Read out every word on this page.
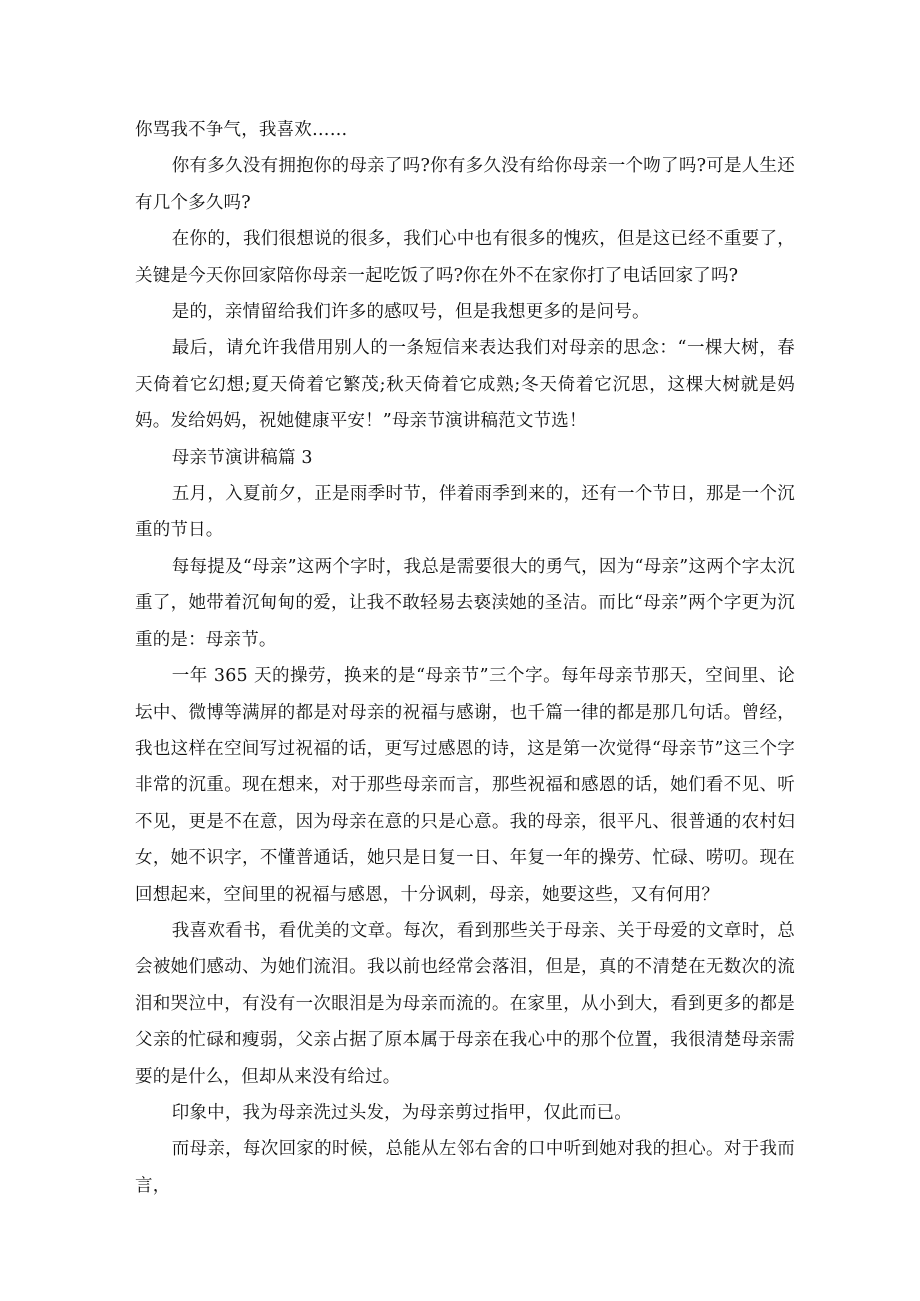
你骂我不争气，我喜欢……

你有多久没有拥抱你的母亲了吗?你有多久没有给你母亲一个吻了吗?可是人生还有几个多久吗?

在你的，我们很想说的很多，我们心中也有很多的愧疚，但是这已经不重要了，关键是今天你回家陪你母亲一起吃饭了吗?你在外不在家你打了电话回家了吗?

是的，亲情留给我们许多的感叹号，但是我想更多的是问号。

最后，请允许我借用别人的一条短信来表达我们对母亲的思念：“一棵大树，春天倚着它幻想;夏天倚着它繁茂;秋天倚着它成熟;冬天倚着它沉思，这棵大树就是妈妈。发给妈妈，祝她健康平安！”母亲节演讲稿范文节选！

母亲节演讲稿篇 3

五月，入夏前夕，正是雨季时节，伴着雨季到来的，还有一个节日，那是一个沉重的节日。

每每提及“母亲”这两个字时，我总是需要很大的勇气，因为“母亲”这两个字太沉重了，她带着沉甸甸的爱，让我不敢轻易去亵渎她的圣洁。而比“母亲”两个字更为沉重的是：母亲节。

一年 365 天的操劳，换来的是“母亲节”三个字。每年母亲节那天，空间里、论坛中、微博等满屏的都是对母亲的祝福与感谢，也千篇一律的都是那几句话。曾经，我也这样在空间写过祝福的话，更写过感恩的诗，这是第一次觉得“母亲节”这三个字非常的沉重。现在想来，对于那些母亲而言，那些祝福和感恩的话，她们看不见、听不见，更是不在意，因为母亲在意的只是心意。我的母亲，很平凡、很普通的农村妇女，她不识字，不懂普通话，她只是日复一日、年复一年的操劳、忙碌、唠叨。现在回想起来，空间里的祝福与感恩，十分讽刺，母亲，她要这些，又有何用？

我喜欢看书，看优美的文章。每次，看到那些关于母亲、关于母爱的文章时，总会被她们感动、为她们流泪。我以前也经常会落泪，但是，真的不清楚在无数次的流泪和哭泣中，有没有一次眼泪是为母亲而流的。在家里，从小到大，看到更多的都是父亲的忙碌和瘦弱，父亲占据了原本属于母亲在我心中的那个位置，我很清楚母亲需要的是什么，但却从来没有给过。

印象中，我为母亲洗过头发，为母亲剪过指甲，仅此而已。

而母亲，每次回家的时候，总能从左邻右舍的口中听到她对我的担心。对于我而言，
